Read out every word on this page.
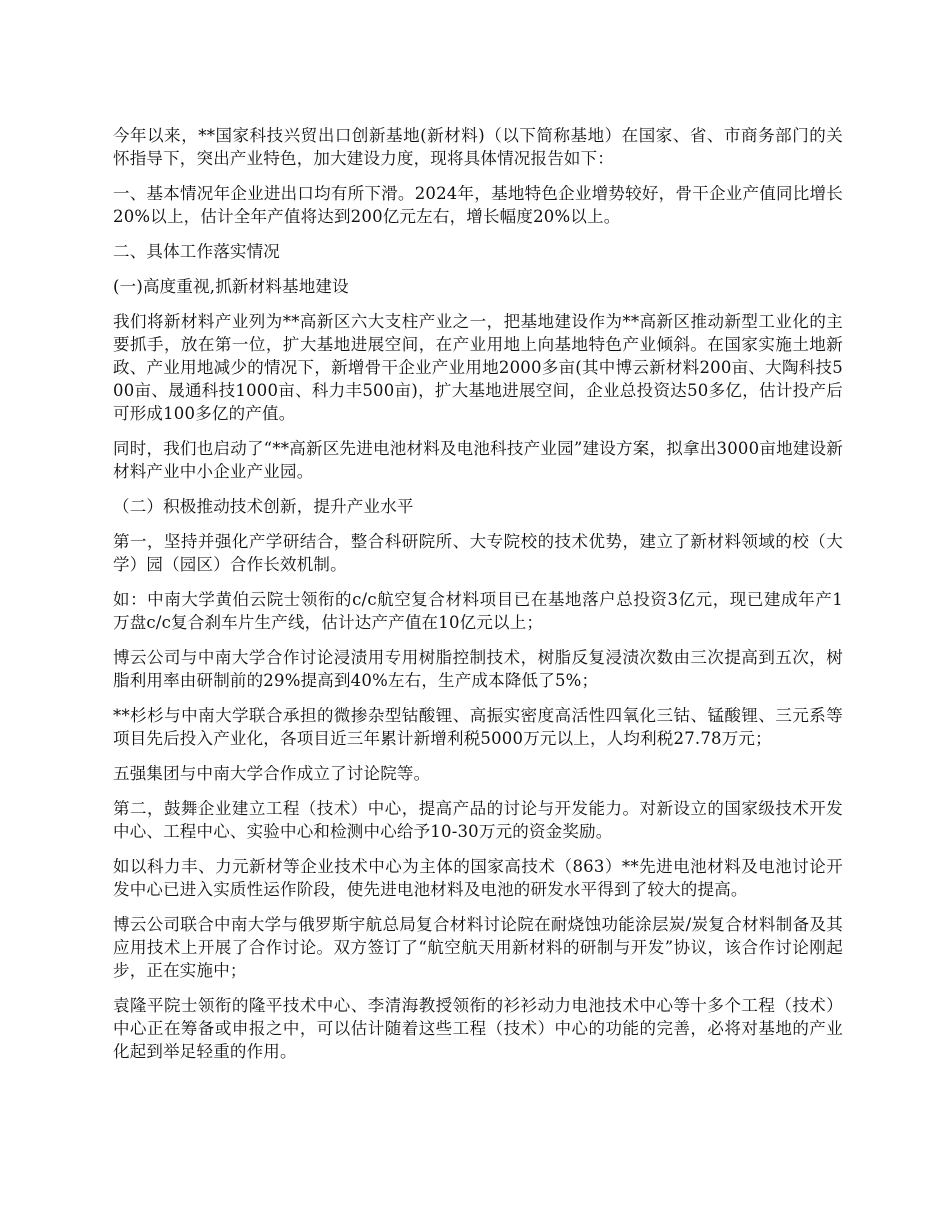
今年以来，**国家科技兴贸出口创新基地(新材料)（以下简称基地）在国家、省、市商务部门的关怀指导下，突出产业特色，加大建设力度，现将具体情况报告如下：

一、基本情况年企业进出口均有所下滑。2024年，基地特色企业增势较好，骨干企业产值同比增长20%以上，估计全年产值将达到200亿元左右，增长幅度20%以上。

二、具体工作落实情况

(一)高度重视,抓新材料基地建设

我们将新材料产业列为**高新区六大支柱产业之一，把基地建设作为**高新区推动新型工业化的主要抓手，放在第一位，扩大基地进展空间，在产业用地上向基地特色产业倾斜。在国家实施土地新政、产业用地减少的情况下，新增骨干企业产业用地2000多亩(其中博云新材料200亩、大陶科技500亩、晟通科技1000亩、科力丰500亩)，扩大基地进展空间，企业总投资达50多亿，估计投产后可形成100多亿的产值。

同时，我们也启动了“**高新区先进电池材料及电池科技产业园”建设方案，拟拿出3000亩地建设新材料产业中小企业产业园。

（二）积极推动技术创新，提升产业水平

第一，坚持并强化产学研结合，整合科研院所、大专院校的技术优势，建立了新材料领域的校（大学）园（园区）合作长效机制。

如：中南大学黄伯云院士领衔的c/c航空复合材料项目已在基地落户总投资3亿元，现已建成年产1万盘c/c复合刹车片生产线，估计达产产值在10亿元以上；

博云公司与中南大学合作讨论浸渍用专用树脂控制技术，树脂反复浸渍次数由三次提高到五次，树脂利用率由研制前的29%提高到40%左右，生产成本降低了5%；

**杉杉与中南大学联合承担的微掺杂型钴酸锂、高振实密度高活性四氧化三钴、锰酸锂、三元系等项目先后投入产业化，各项目近三年累计新增利税5000万元以上，人均利税27.78万元；

五强集团与中南大学合作成立了讨论院等。

第二，鼓舞企业建立工程（技术）中心，提高产品的讨论与开发能力。对新设立的国家级技术开发中心、工程中心、实验中心和检测中心给予10-30万元的资金奖励。

如以科力丰、力元新材等企业技术中心为主体的国家高技术（863）**先进电池材料及电池讨论开发中心已进入实质性运作阶段，使先进电池材料及电池的研发水平得到了较大的提高。

博云公司联合中南大学与俄罗斯宇航总局复合材料讨论院在耐烧蚀功能涂层炭/炭复合材料制备及其应用技术上开展了合作讨论。双方签订了“航空航天用新材料的研制与开发”协议，该合作讨论刚起步，正在实施中；

袁隆平院士领衔的隆平技术中心、李清海教授领衔的衫衫动力电池技术中心等十多个工程（技术）中心正在筹备或申报之中，可以估计随着这些工程（技术）中心的功能的完善，必将对基地的产业化起到举足轻重的作用。
